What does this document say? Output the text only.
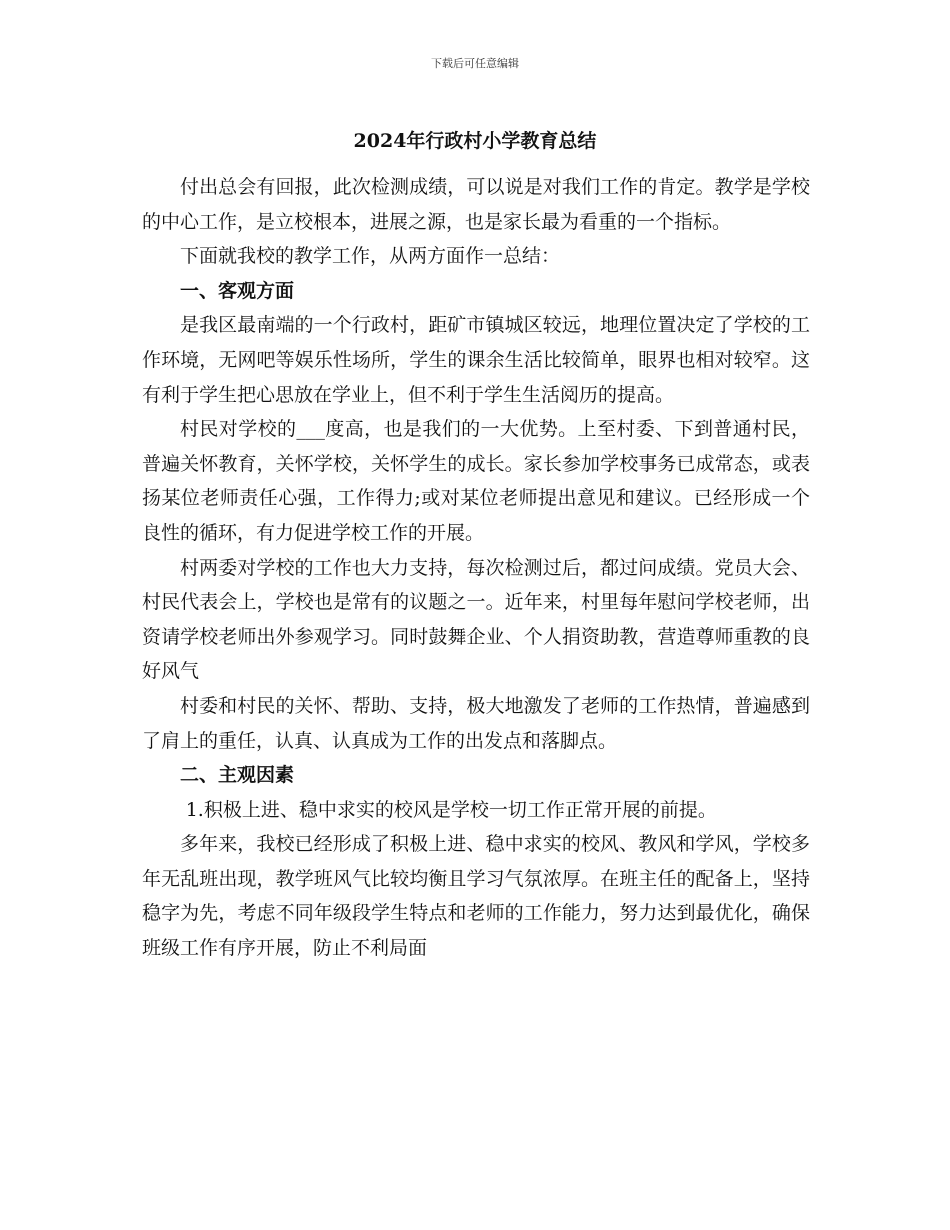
下载后可任意编辑
2024年行政村小学教育总结

付出总会有回报，此次检测成绩，可以说是对我们工作的肯定。教学是学校的中心工作，是立校根本，进展之源，也是家长最为看重的一个指标。

下面就我校的教学工作，从两方面作一总结：

一、客观方面

是我区最南端的一个行政村，距矿市镇城区较远，地理位置决定了学校的工作环境，无网吧等娱乐性场所，学生的课余生活比较简单，眼界也相对较窄。这有利于学生把心思放在学业上，但不利于学生生活阅历的提高。

村民对学校的___度高，也是我们的一大优势。上至村委、下到普通村民，普遍关怀教育，关怀学校，关怀学生的成长。家长参加学校事务已成常态，或表扬某位老师责任心强，工作得力;或对某位老师提出意见和建议。已经形成一个良性的循环，有力促进学校工作的开展。

村两委对学校的工作也大力支持，每次检测过后，都过问成绩。党员大会、村民代表会上，学校也是常有的议题之一。近年来，村里每年慰问学校老师，出资请学校老师出外参观学习。同时鼓舞企业、个人捐资助教，营造尊师重教的良好风气

村委和村民的关怀、帮助、支持，极大地激发了老师的工作热情，普遍感到了肩上的重任，认真、认真成为工作的出发点和落脚点。

二、主观因素

1.积极上进、稳中求实的校风是学校一切工作正常开展的前提。

多年来，我校已经形成了积极上进、稳中求实的校风、教风和学风，学校多年无乱班出现，教学班风气比较均衡且学习气氛浓厚。在班主任的配备上，坚持稳字为先，考虑不同年级段学生特点和老师的工作能力，努力达到最优化，确保班级工作有序开展，防止不利局面
